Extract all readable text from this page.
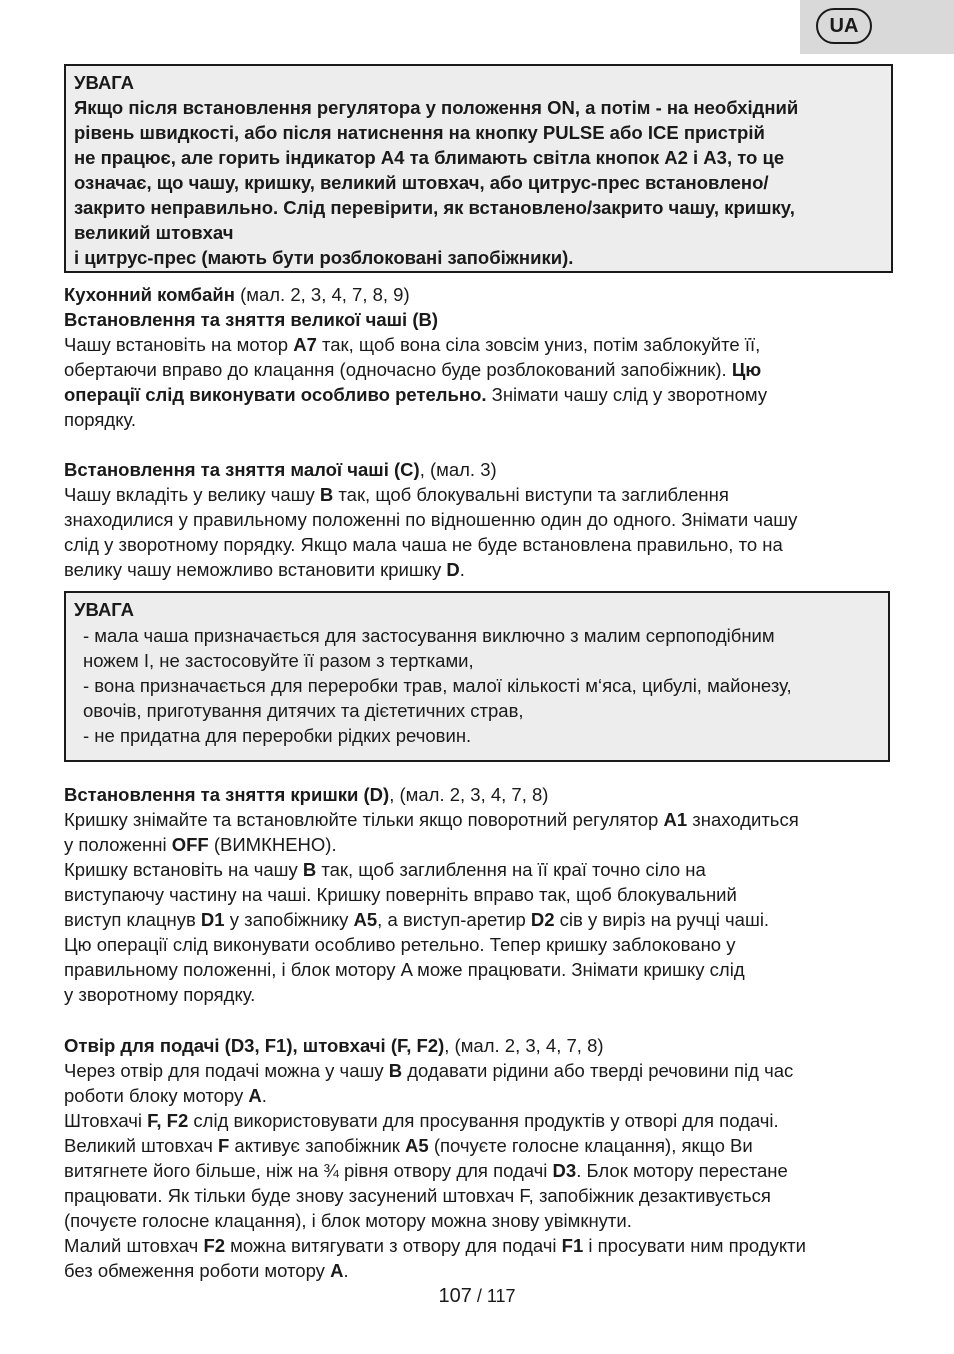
UA
УВАГА
Якщо після встановлення регулятора у положення ON, а потім - на необхідний
рівень швидкості, або після натиснення на кнопку PULSE або ICE пристрій
не працює, але горить індикатор A4 та блимають світла кнопок A2 і A3, то це
означає, що чашу, кришку, великий штовхач, або цитрус-прес встановлено/
закрито неправильно. Слід перевірити, як встановлено/закрито чашу, кришку,
великий штовхач
і цитрус-прес (мають бути розблоковані запобіжники).
Кухонний комбайн (мал. 2, 3, 4, 7, 8, 9)
Встановлення та зняття великої чаші (B)
Чашу встановіть на мотор A7 так, щоб вона сіла зовсім униз, потім заблокуйте її,
обертаючи вправо до клацання (одночасно буде розблокований запобіжник). Цю
операції слід виконувати особливо ретельно. Знімати чашу слід у зворотному
порядку.
Встановлення та зняття малої чаші (C), (мал. 3)
Чашу вкладіть у велику чашу B так, щоб блокувальні виступи та заглиблення
знаходилися у правильному положенні по відношенню один до одного. Знімати чашу
слід у зворотному порядку. Якщо мала чаша не буде встановлена правильно, то на
велику чашу неможливо встановити кришку D.
УВАГА
- мала чаша призначається для застосування виключно з малим серпоподібним
ножем I, не застосовуйте її разом з тертками,
- вона призначається для переробки трав, малої кількості м‘яса, цибулі, майонезу,
овочів, приготування дитячих та дієтетичних страв,
- не придатна для переробки рідких речовин.
Встановлення та зняття кришки (D), (мал. 2, 3, 4, 7, 8)
Кришку знімайте та встановлюйте тільки якщо поворотний регулятор A1 знаходиться
у положенні OFF (ВИМКНЕНО).
Кришку встановіть на чашу B так, щоб заглиблення на її краї точно сіло на
виступаючу частину на чаші. Кришку поверніть вправо так, щоб блокувальний
виступ клацнув D1 у запобіжнику A5, а виступ-аретир D2 сів у виріз на ручці чаші.
Цю операції слід виконувати особливо ретельно. Тепер кришку заблоковано у
правильному положенні, і блок мотору A може працювати. Знімати кришку слід
у зворотному порядку.
Отвір для подачі (D3, F1), штовхачі (F, F2), (мал. 2, 3, 4, 7, 8)
Через отвір для подачі можна у чашу B додавати рідини або тверді речовини під час
роботи блоку мотору A.
Штовхачі F, F2 слід використовувати для просування продуктів у отворі для подачі.
Великий штовхач F активує запобіжник A5 (почуєте голосне клацання), якщо Ви
витягнете його більше, ніж на ¾ рівня отвору для подачі D3. Блок мотору перестане
працювати. Як тільки буде знову засунений штовхач F, запобіжник дезактивується
(почуєте голосне клацання), і блок мотору можна знову увімкнути.
Малий штовхач F2 можна витягувати з отвору для подачі F1 і просувати ним продукти
без обмеження роботи мотору A.
107 / 117
